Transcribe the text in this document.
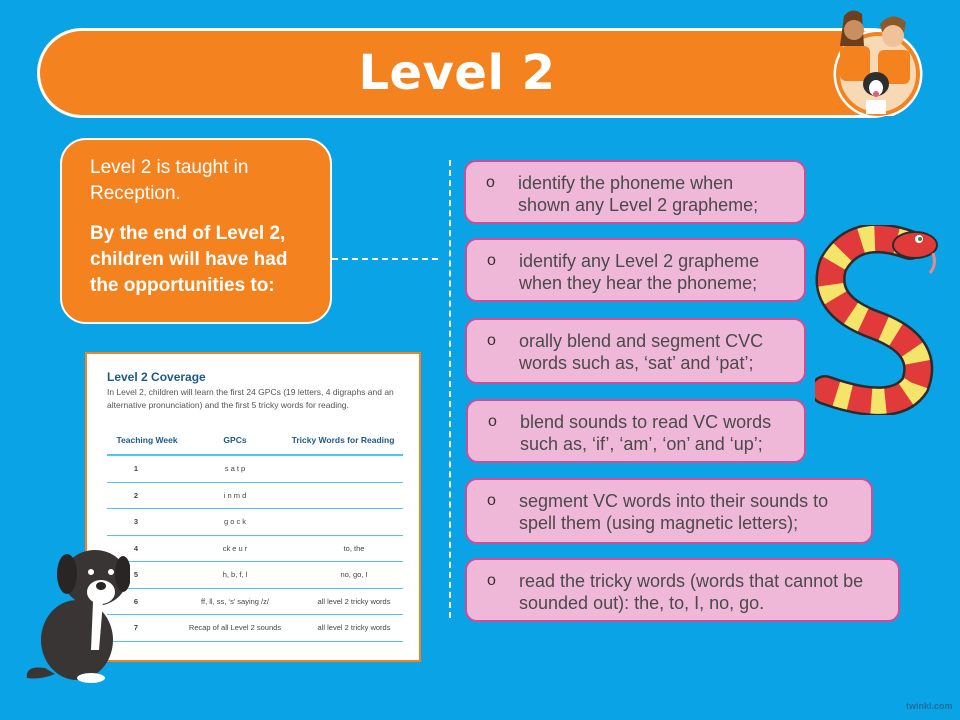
Level 2
Level 2 is taught in
Reception.
By the end of Level 2,
children will have had
the opportunities to:
o	identify the phoneme when
shown any Level 2 grapheme;
o	identify any Level 2 grapheme
when they hear the phoneme;
o	orally blend and segment CVC
words such as, ‘sat’ and ‘pat’;
o	blend sounds to read VC words
such as, ‘if’, ‘am’, ‘on’ and ‘up’;
o	segment VC words into their sounds to
spell them (using magnetic letters);
o	read the tricky words (words that cannot be
sounded out): the, to, I, no, go.
Level 2 Coverage
In Level 2, children will learn the first 24 GPCs (19 letters, 4 digraphs and an alternative pronunciation) and the first 5 tricky words for reading.
Teaching Week	GPCs	Tricky Words for Reading
1	s a t p
2	i n m d
3	g o c k
4	ck e u r	to, the
5	h, b, f, l	no, go, I
6	ff, ll, ss, ‘s’ saying /z/	all level 2 tricky words
7	Recap of all Level 2 sounds	all level 2 tricky words
twinkl.com
